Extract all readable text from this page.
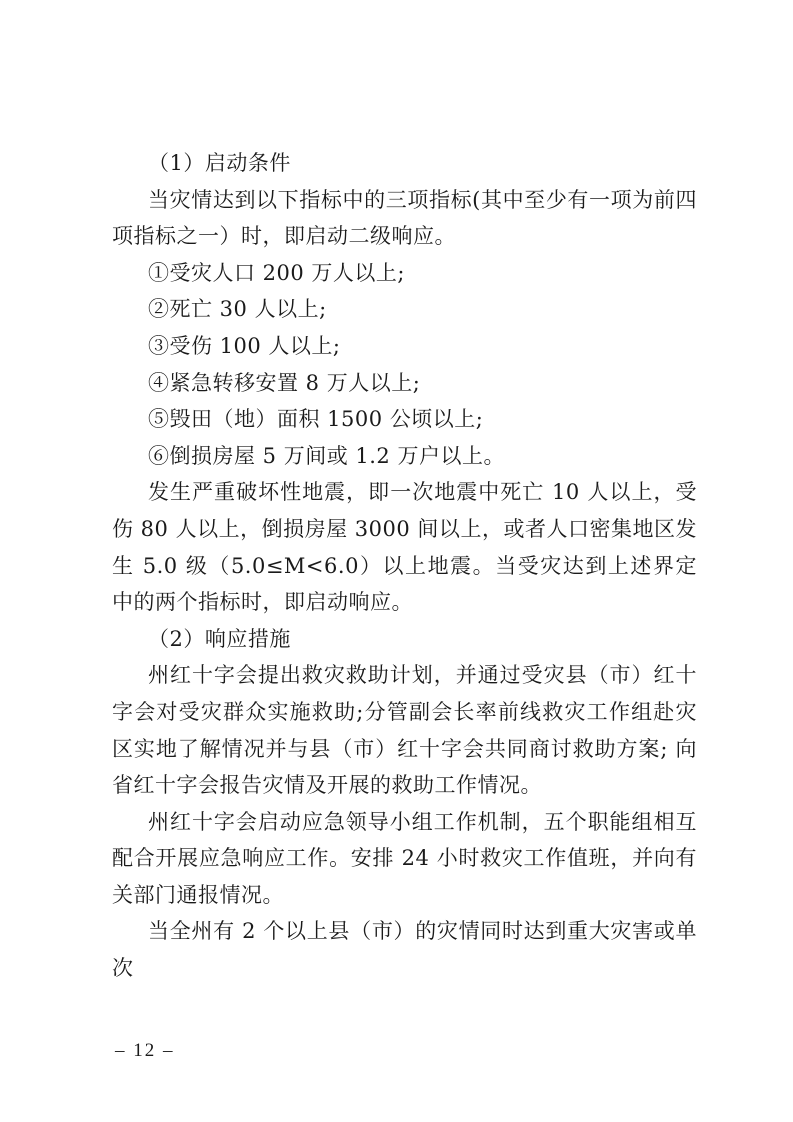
（1）启动条件

当灾情达到以下指标中的三项指标(其中至少有一项为前四项指标之一）时，即启动二级响应。

①受灾人口 200 万人以上;

②死亡 30 人以上;

③受伤 100 人以上;

④紧急转移安置 8 万人以上;

⑤毁田（地）面积 1500 公顷以上;

⑥倒损房屋 5 万间或 1.2 万户以上。

发生严重破坏性地震，即一次地震中死亡 10 人以上，受伤 80 人以上，倒损房屋 3000 间以上，或者人口密集地区发生 5.0 级（5.0≤M<6.0）以上地震。当受灾达到上述界定中的两个指标时，即启动响应。

（2）响应措施

州红十字会提出救灾救助计划，并通过受灾县（市）红十字会对受灾群众实施救助;分管副会长率前线救灾工作组赴灾区实地了解情况并与县（市）红十字会共同商讨救助方案; 向省红十字会报告灾情及开展的救助工作情况。

州红十字会启动应急领导小组工作机制，五个职能组相互配合开展应急响应工作。安排 24 小时救灾工作值班，并向有关部门通报情况。

当全州有 2 个以上县（市）的灾情同时达到重大灾害或单次

– 12 –
